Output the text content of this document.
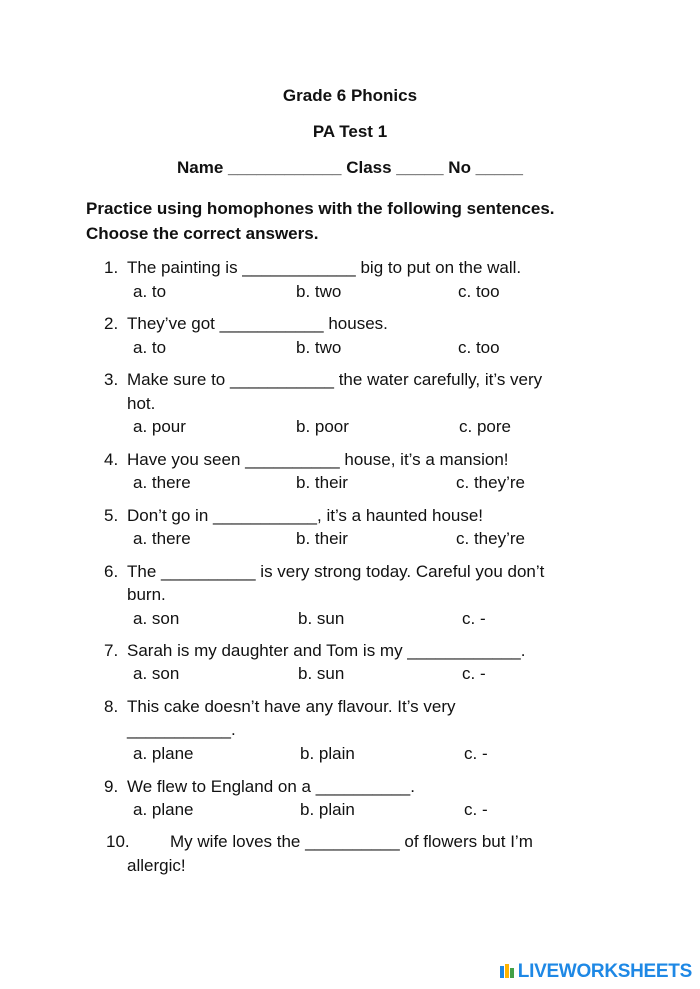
Grade 6 Phonics
PA Test 1
Name ____________ Class _____ No _____
Practice using homophones with the following sentences.
Choose the correct answers.
1. The painting is ____________ big to put on the wall.
a. to	b. two	c. too
2. They’ve got ___________ houses.
a. to	b. two	c. too
3. Make sure to ___________ the water carefully, it’s very
hot.
a. pour	b. poor	c. pore
4. Have you seen __________ house, it’s a mansion!
a. there	b. their	c. they’re
5. Don’t go in ___________, it’s a haunted house!
a. there	b. their	c. they’re
6. The __________ is very strong today. Careful you don’t
burn.
a. son	b. sun	c. -
7. Sarah is my daughter and Tom is my ____________.
a. son	b. sun	c. -
8. This cake doesn’t have any flavour. It’s very
___________.
a. plane	b. plain	c. -
9. We flew to England on a __________.
a. plane	b. plain	c. -
10. My wife loves the __________ of flowers but I’m
allergic!
LIVEWORKSHEETS
